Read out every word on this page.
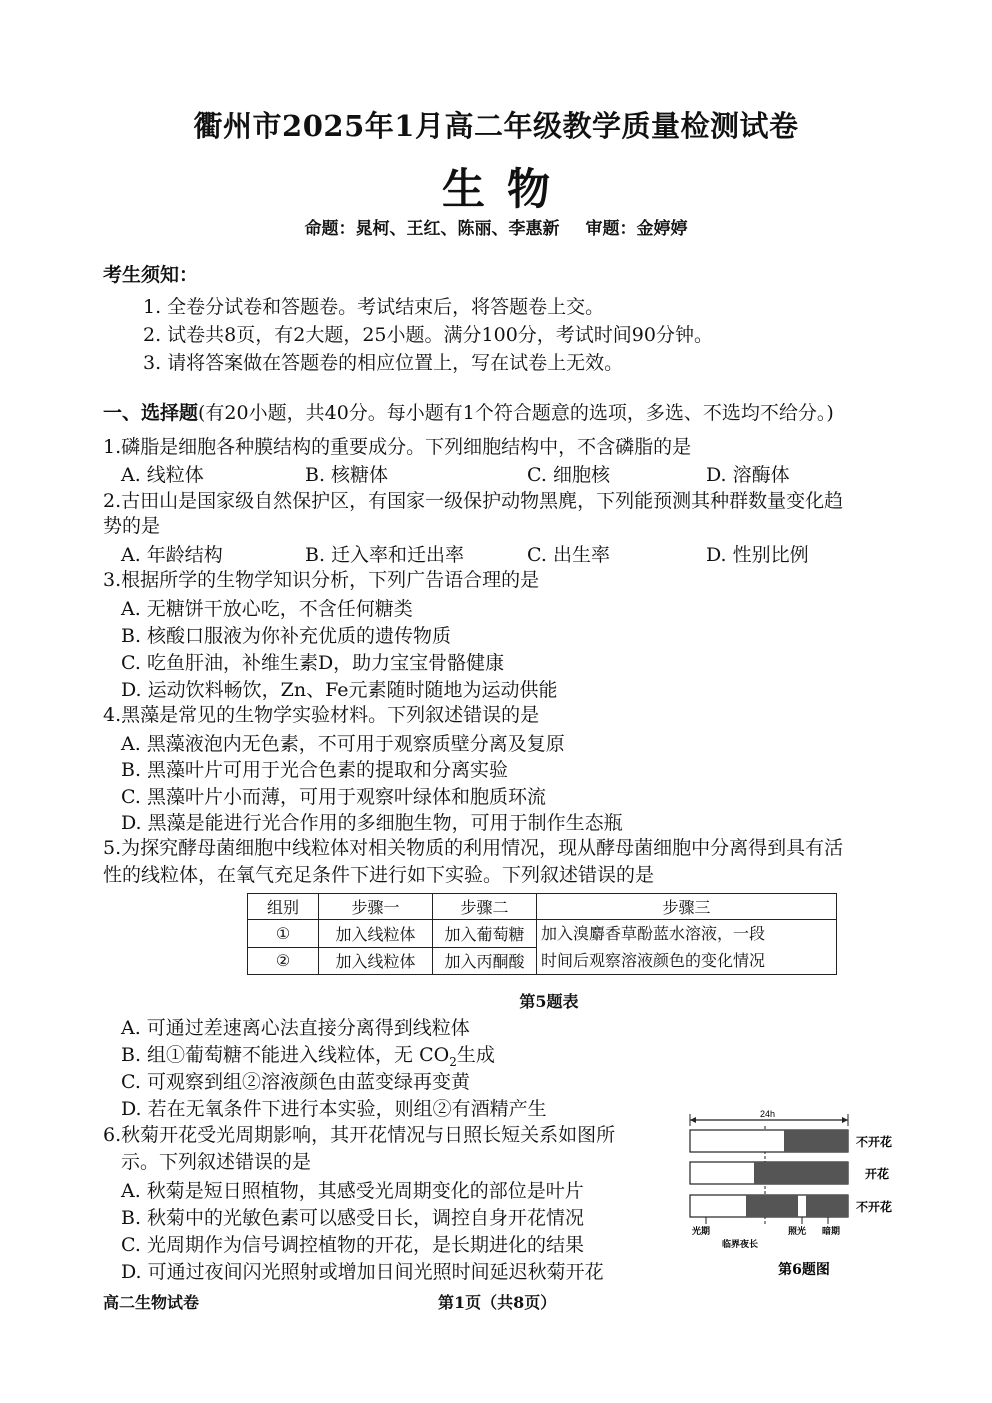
衢州市2025年1月高二年级教学质量检测试卷
生物
命题：晁柯、王红、陈丽、李惠新 审题：金婷婷
考生须知：
1. 全卷分试卷和答题卷。考试结束后，将答题卷上交。
2. 试卷共8页，有2大题，25小题。满分100分，考试时间90分钟。
3. 请将答案做在答题卷的相应位置上，写在试卷上无效。
一、选择题(有20小题，共40分。每小题有1个符合题意的选项，多选、不选均不给分。)
1.磷脂是细胞各种膜结构的重要成分。下列细胞结构中，不含磷脂的是
A. 线粒体	B. 核糖体	C. 细胞核	D. 溶酶体
2.古田山是国家级自然保护区，有国家一级保护动物黑麂，下列能预测其种群数量变化趋
势的是
A. 年龄结构	B. 迁入率和迁出率	C. 出生率	D. 性别比例
3.根据所学的生物学知识分析，下列广告语合理的是
A. 无糖饼干放心吃，不含任何糖类
B. 核酸口服液为你补充优质的遗传物质
C. 吃鱼肝油，补维生素D，助力宝宝骨骼健康
D. 运动饮料畅饮，Zn、Fe元素随时随地为运动供能
4.黑藻是常见的生物学实验材料。下列叙述错误的是
A. 黑藻液泡内无色素，不可用于观察质壁分离及复原
B. 黑藻叶片可用于光合色素的提取和分离实验
C. 黑藻叶片小而薄，可用于观察叶绿体和胞质环流
D. 黑藻是能进行光合作用的多细胞生物，可用于制作生态瓶
5.为探究酵母菌细胞中线粒体对相关物质的利用情况，现从酵母菌细胞中分离得到具有活
性的线粒体，在氧气充足条件下进行如下实验。下列叙述错误的是
组别	步骤一	步骤二	步骤三
①	加入线粒体	加入葡萄糖	加入溴麝香草酚蓝水溶液，一段
时间后观察溶液颜色的变化情况

②	加入线粒体	加入丙酮酸	
第5题表
A. 可通过差速离心法直接分离得到线粒体
B. 组①葡萄糖不能进入线粒体，无 $CO_2$生成
C. 可观察到组②溶液颜色由蓝变绿再变黄
D. 若在无氧条件下进行本实验，则组②有酒精产生
6.秋菊开花受光周期影响，其开花情况与日照长短关系如图所
示。下列叙述错误的是
A. 秋菊是短日照植物，其感受光周期变化的部位是叶片
B. 秋菊中的光敏色素可以感受日长，调控自身开花情况
C. 光周期作为信号调控植物的开花，是长期进化的结果
D. 可通过夜间闪光照射或增加日间光照时间延迟秋菊开花
24h
不开花
开花
不开花
光期
临界夜长
照光 暗期
第6题图
高二生物试卷	第1页（共8页）
